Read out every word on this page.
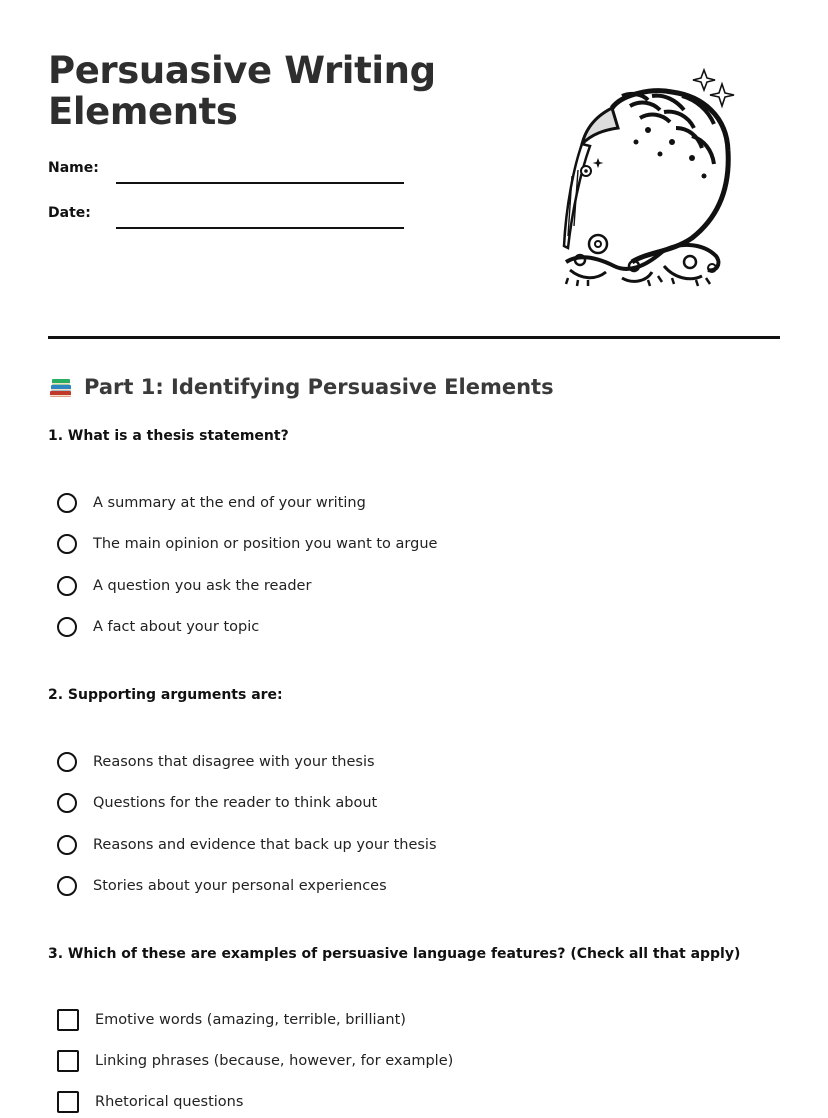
Persuasive Writing
Elements
Name:
Date:
Part 1: Identifying Persuasive Elements

1. What is a thesis statement?

A summary at the end of your writing
The main opinion or position you want to argue
A question you ask the reader
A fact about your topic

2. Supporting arguments are:

Reasons that disagree with your thesis
Questions for the reader to think about
Reasons and evidence that back up your thesis
Stories about your personal experiences

3. Which of these are examples of persuasive language features? (Check all that apply)

Emotive words (amazing, terrible, brilliant)
Linking phrases (because, however, for example)
Rhetorical questions
